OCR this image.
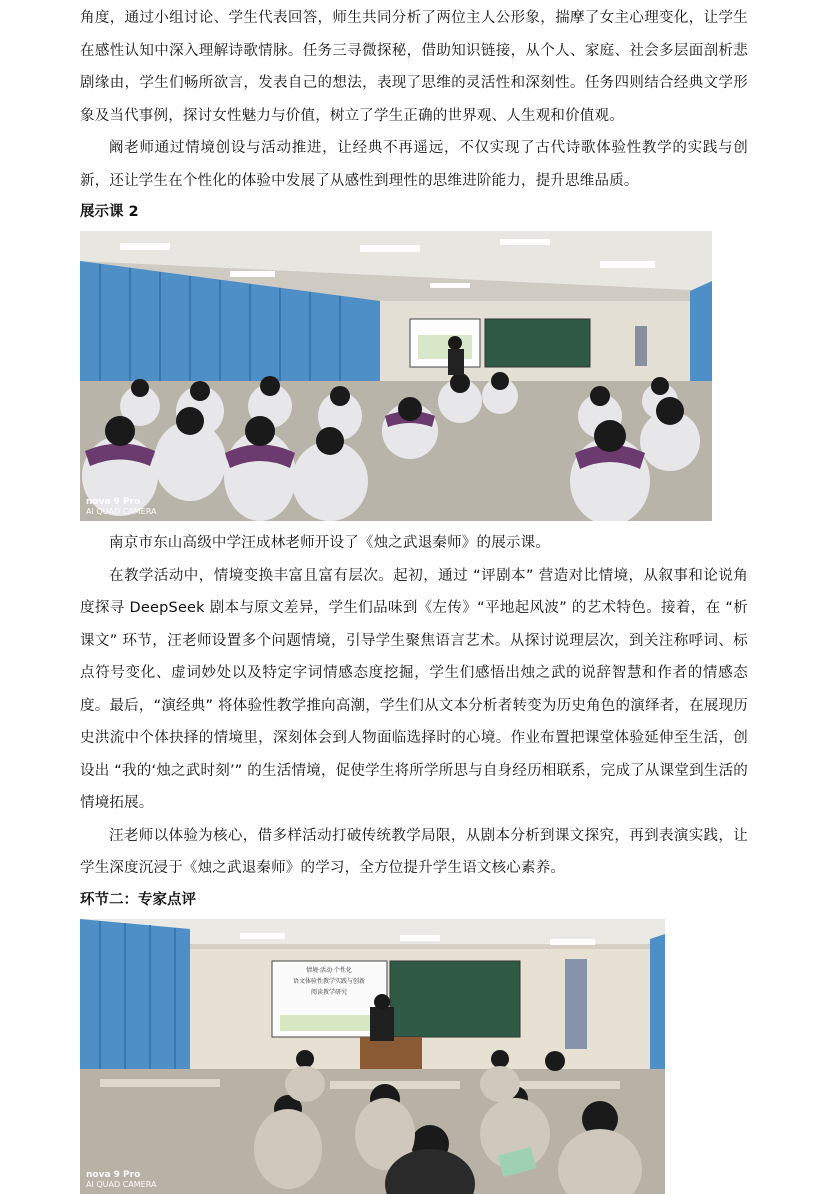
角度，通过小组讨论、学生代表回答，师生共同分析了两位主人公形象，揣摩了女主心理变化，让学生在感性认知中深入理解诗歌情脉。任务三寻微探秘，借助知识链接，从个人、家庭、社会多层面剖析悲剧缘由，学生们畅所欲言，发表自己的想法，表现了思维的灵活性和深刻性。任务四则结合经典文学形象及当代事例，探讨女性魅力与价值，树立了学生正确的世界观、人生观和价值观。

阚老师通过情境创设与活动推进，让经典不再遥远，不仅实现了古代诗歌体验性教学的实践与创新，还让学生在个性化的体验中发展了从感性到理性的思维进阶能力，提升思维品质。

展示课 2
nova 9 Pro
AI QUAD CAMERA

南京市东山高级中学汪成林老师开设了《烛之武退秦师》的展示课。

在教学活动中，情境变换丰富且富有层次。起初，通过 “评剧本” 营造对比情境，从叙事和论说角度探寻 DeepSeek 剧本与原文差异，学生们品味到《左传》“平地起风波” 的艺术特色。接着，在 “析课文” 环节，汪老师设置多个问题情境，引导学生聚焦语言艺术。从探讨说理层次，到关注称呼词、标点符号变化、虚词妙处以及特定字词情感态度挖掘，学生们感悟出烛之武的说辞智慧和作者的情感态度。最后，“演经典” 将体验性教学推向高潮，学生们从文本分析者转变为历史角色的演绎者，在展现历史洪流中个体抉择的情境里，深刻体会到人物面临选择时的心境。作业布置把课堂体验延伸至生活，创设出 “我的‘烛之武时刻’” 的生活情境，促使学生将所学所思与自身经历相联系，完成了从课堂到生活的情境拓展。

汪老师以体验为核心，借多样活动打破传统教学局限，从剧本分析到课文探究，再到表演实践，让学生深度沉浸于《烛之武退秦师》的学习，全方位提升学生语文核心素养。

环节二：专家点评
情境·活动·个性化
语文体验性教学实践与创新
阅读教学研究
nova 9 Pro
AI QUAD CAMERA
